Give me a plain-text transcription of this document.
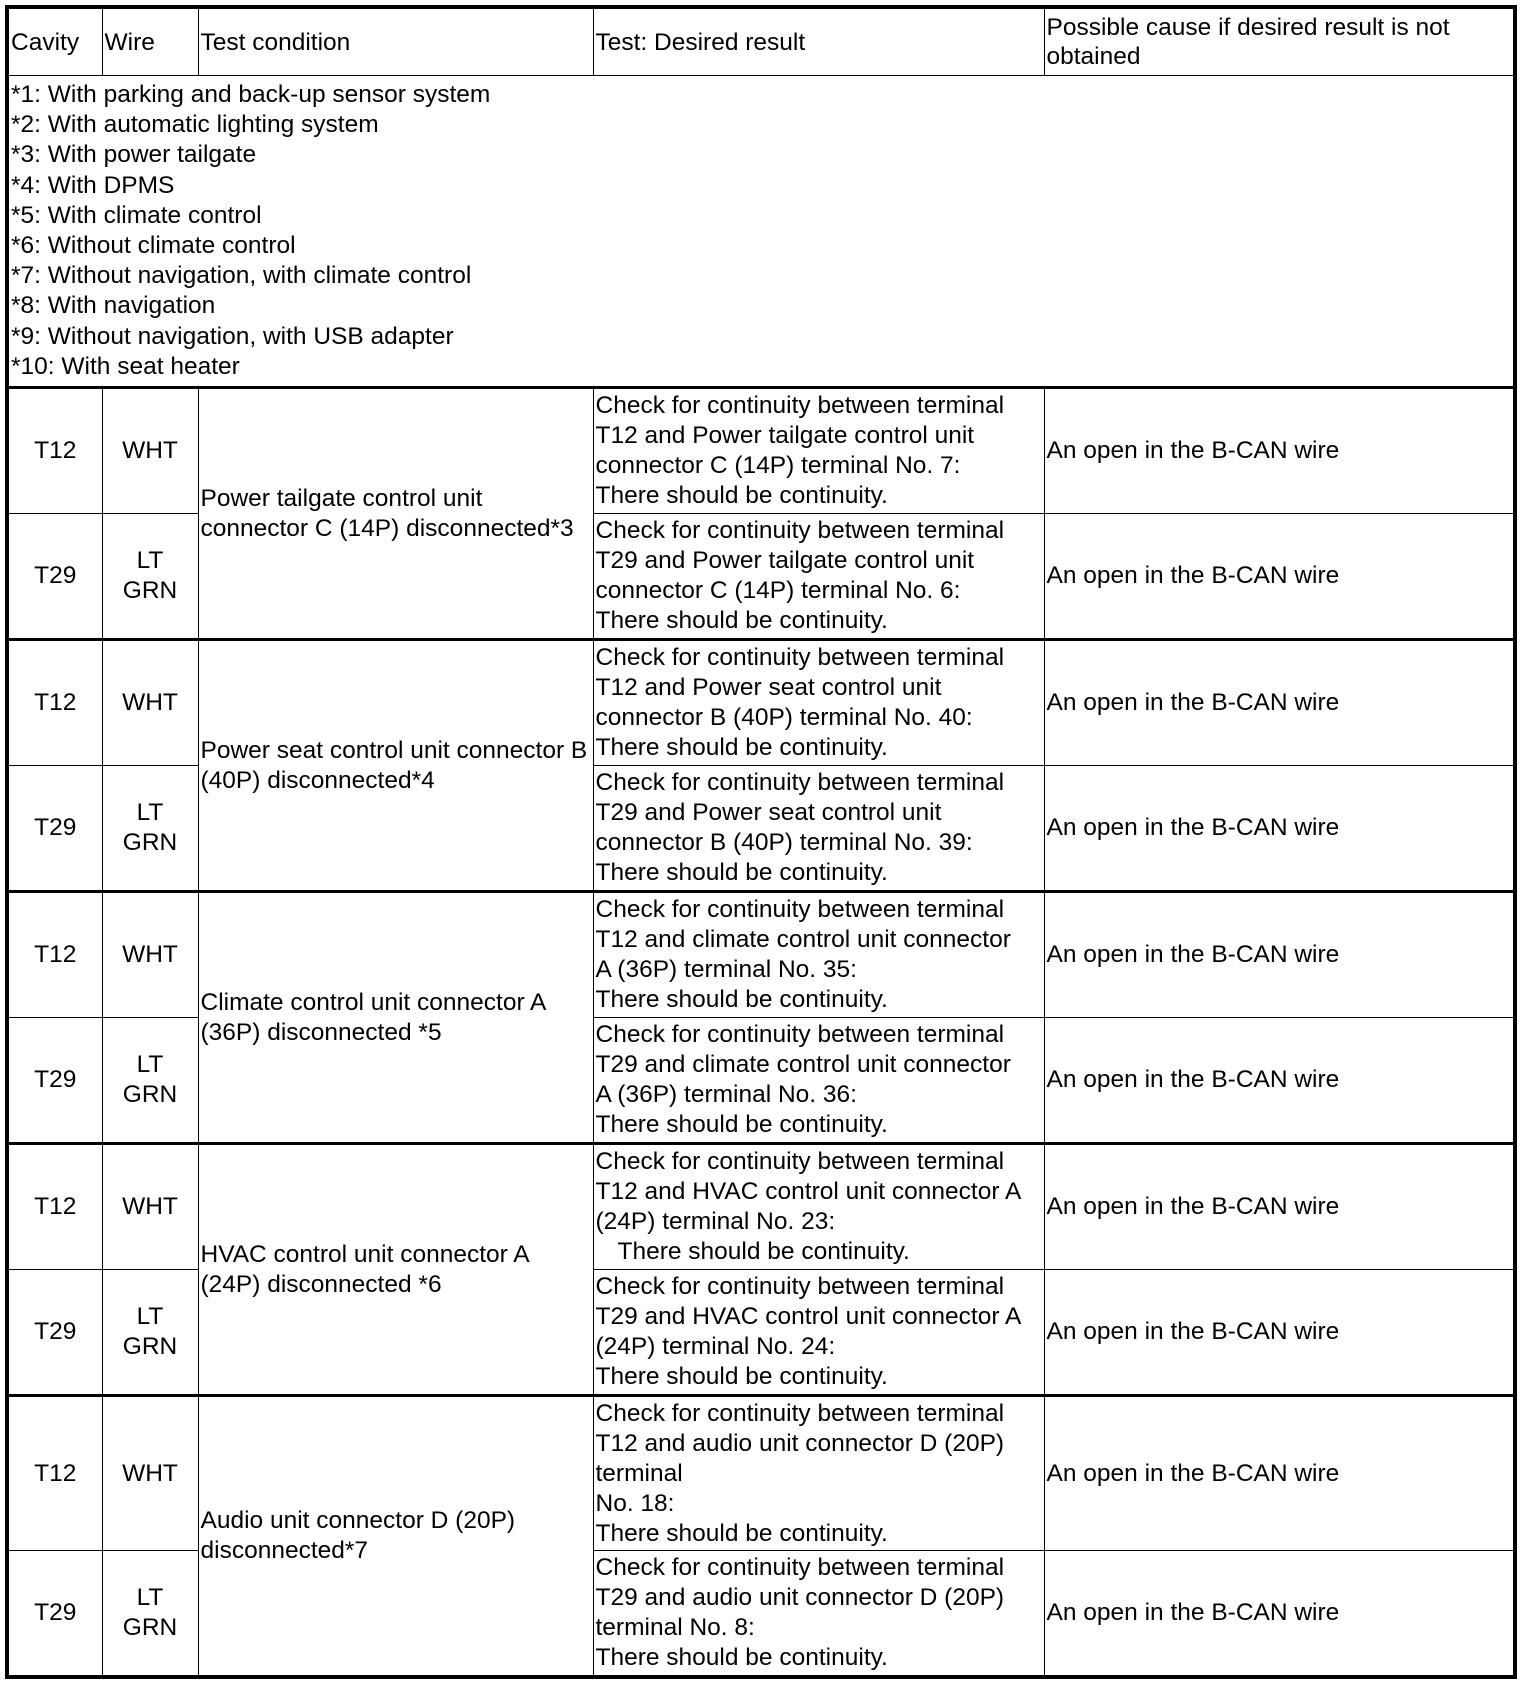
Cavity	Wire	Test condition	Test: Desired result	Possible cause if desired result is not obtained

*1: With parking and back-up sensor system
*2: With automatic lighting system
*3: With power tailgate
*4: With DPMS
*5: With climate control
*6: Without climate control
*7: Without navigation, with climate control
*8: With navigation
*9: Without navigation, with USB adapter
*10: With seat heater

T12	WHT	Power tailgate control unit connector C (14P) disconnected*3	Check for continuity between terminal
T12 and Power tailgate control unit
connector C (14P) terminal No. 7:
There should be continuity.	An open in the B-CAN wire
T29	LT
GRN		Check for continuity between terminal
T29 and Power tailgate control unit
connector C (14P) terminal No. 6:
There should be continuity.	An open in the B-CAN wire
T12	WHT	Power seat control unit connector B (40P) disconnected*4	Check for continuity between terminal
T12 and Power seat control unit
connector B (40P) terminal No. 40:
There should be continuity.	An open in the B-CAN wire
T29	LT
GRN		Check for continuity between terminal
T29 and Power seat control unit
connector B (40P) terminal No. 39:
There should be continuity.	An open in the B-CAN wire
T12	WHT	Climate control unit connector A (36P) disconnected *5	Check for continuity between terminal
T12 and climate control unit connector
A (36P) terminal No. 35:
There should be continuity.	An open in the B-CAN wire
T29	LT
GRN		Check for continuity between terminal
T29 and climate control unit connector
A (36P) terminal No. 36:
There should be continuity.	An open in the B-CAN wire
T12	WHT	HVAC control unit connector A (24P) disconnected *6	Check for continuity between terminal
T12 and HVAC control unit connector A
(24P) terminal No. 23:
There should be continuity.	An open in the B-CAN wire
T29	LT
GRN		Check for continuity between terminal
T29 and HVAC control unit connector A
(24P) terminal No. 24:
There should be continuity.	An open in the B-CAN wire
T12	WHT	Audio unit connector D (20P) disconnected*7	Check for continuity between terminal
T12 and audio unit connector D (20P)
terminal
No. 18:
There should be continuity.	An open in the B-CAN wire
T29	LT
GRN		Check for continuity between terminal
T29 and audio unit connector D (20P)
terminal No. 8:
There should be continuity.	An open in the B-CAN wire
